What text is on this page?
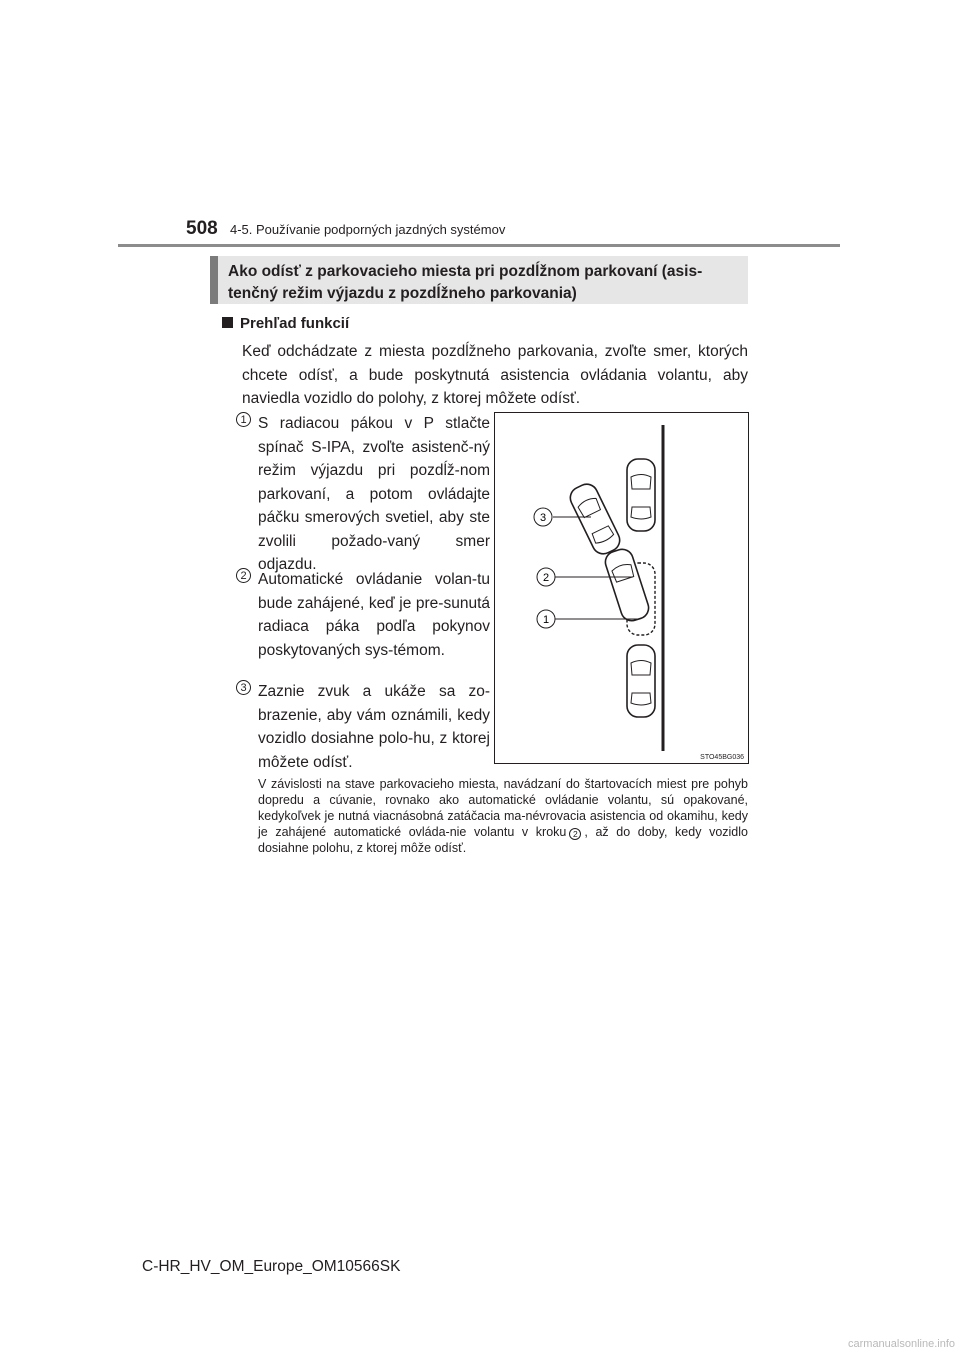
508 4-5. Používanie podporných jazdných systémov
Ako odísť z parkovacieho miesta pri pozdĺžnom parkovaní (asis-
tenčný režim výjazdu z pozdĺžneho parkovania)
Prehľad funkcií
Keď odchádzate z miesta pozdĺžneho parkovania, zvoľte smer, ktorých chcete odísť, a bude poskytnutá asistencia ovládania volantu, aby naviedla vozidlo do polohy, z ktorej môžete odísť.
1 S radiacou pákou v P stlačte spínač S-IPA, zvoľte asistenč-ný režim výjazdu pri pozdĺž-nom parkovaní, a potom ovládajte páčku smerových svetiel, aby ste zvolili požado-vaný smer odjazdu.
2 Automatické ovládanie volan-tu bude zahájené, keď je pre-sunutá radiaca páka podľa pokynov poskytovaných sys-témom.
3 Zaznie zvuk a ukáže sa zo-brazenie, aby vám oznámili, kedy vozidlo dosiahne polo-hu, z ktorej môžete odísť.
3
2
1
STO45BG036
V závislosti na stave parkovacieho miesta, navádzaní do štartovacích miest pre pohyb dopredu a cúvanie, rovnako ako automatické ovládanie volantu, sú opakované, kedykoľvek je nutná viacnásobná zatáčacia ma-névrovacia asistencia od okamihu, kedy je zahájené automatické ovláda-nie volantu v kroku 2 , až do doby, kedy vozidlo dosiahne polohu, z ktorej môže odísť.
C-HR_HV_OM_Europe_OM10566SK
carmanualsonline.info
